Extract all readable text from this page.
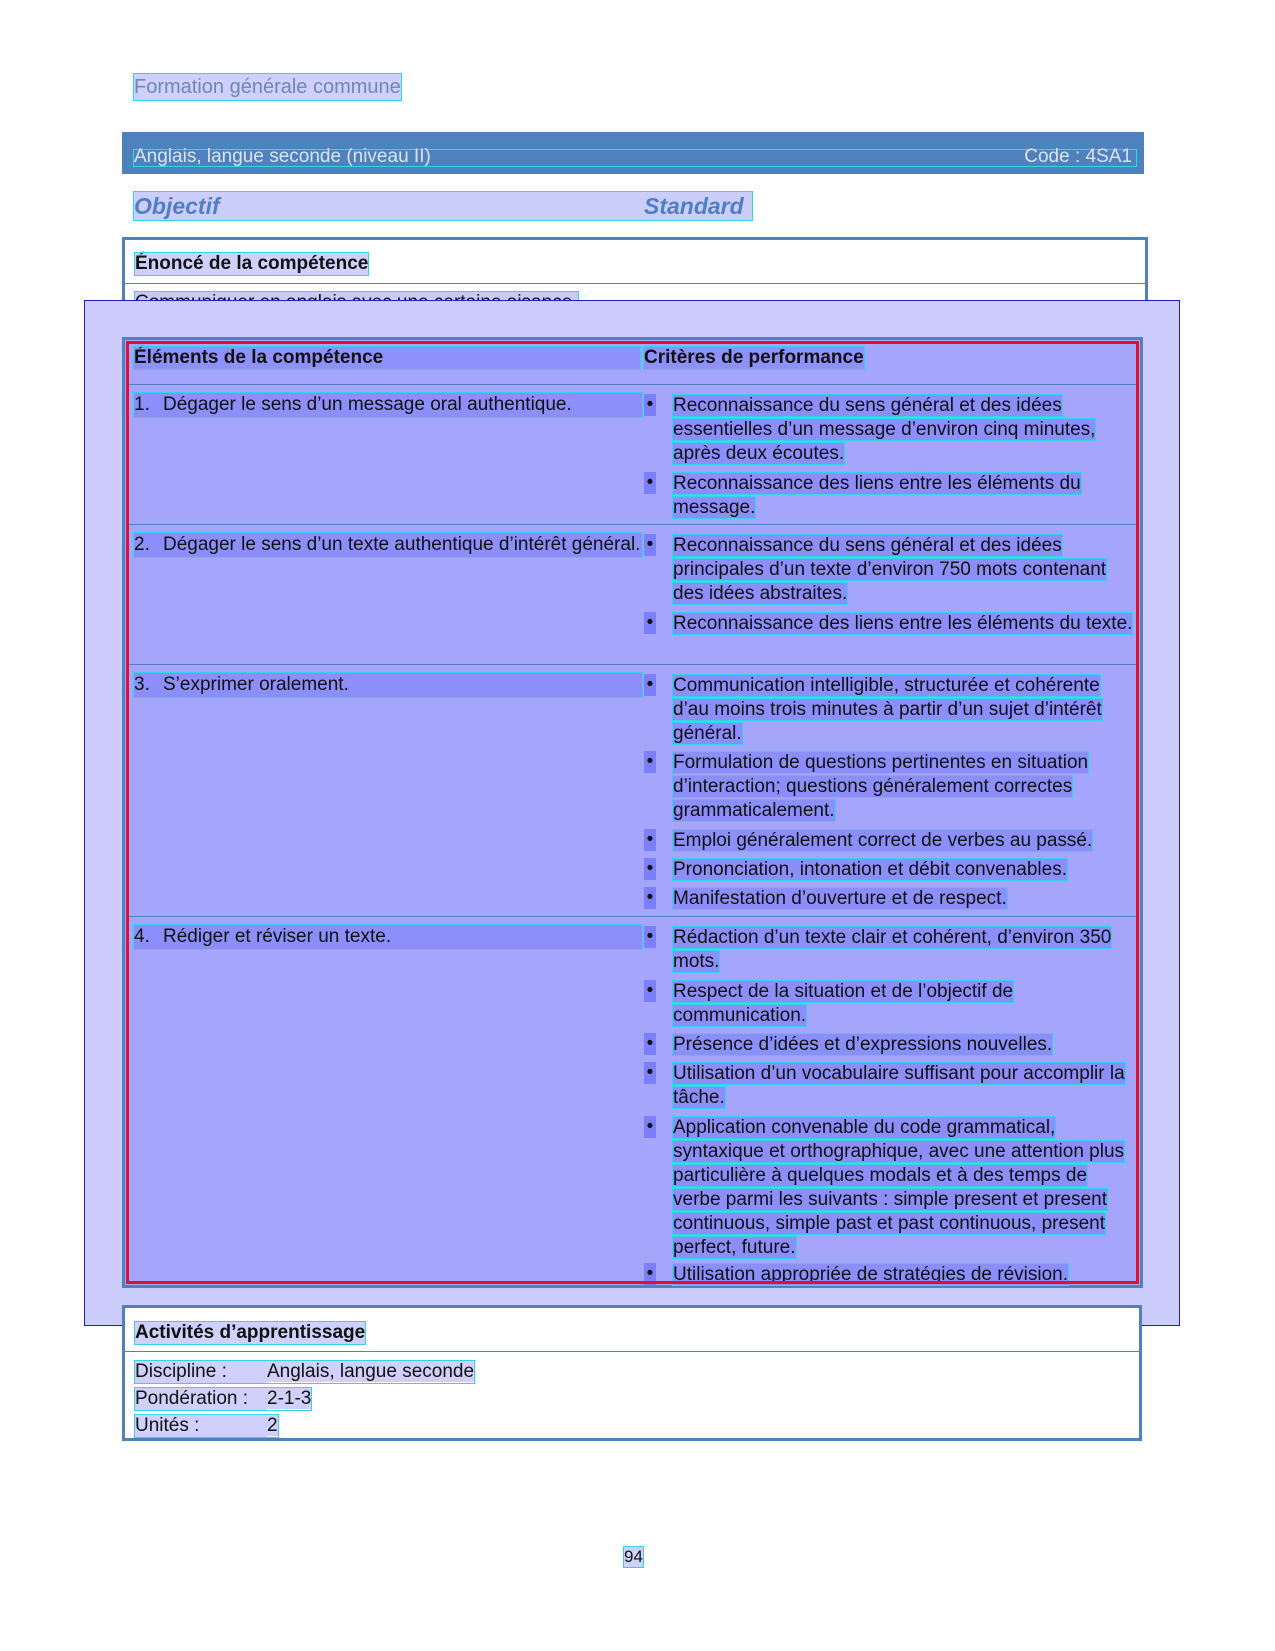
Formation générale commune
Anglais, langue seconde (niveau II)	Code : 4SA1
Objectif	Standard
Énoncé de la compétence
Éléments de la compétence	Critères de performance
1. Dégager le sens d’un message oral authentique.	•	Reconnaissance du sens général et des idées essentielles d’un message d’environ cinq minutes, après deux écoutes.
•	Reconnaissance des liens entre les éléments du message.
2. Dégager le sens d’un texte authentique d’intérêt général. •	Reconnaissance du sens général et des idées principales d’un texte d’environ 750 mots contenant des idées abstraites.
•	Reconnaissance des liens entre les éléments du texte.
3. S’exprimer oralement.	•	Communication intelligible, structurée et cohérente d’au moins trois minutes à partir d’un sujet d’intérêt général.
•	Formulation de questions pertinentes en situation d’interaction; questions généralement correctes grammaticalement.
•	Emploi généralement correct de verbes au passé.
•	Prononciation, intonation et débit convenables.
•	Manifestation d’ouverture et de respect.
4. Rédiger et réviser un texte.	•	Rédaction d’un texte clair et cohérent, d’environ 350 mots.
•	Respect de la situation et de l’objectif de communication.
•	Présence d’idées et d’expressions nouvelles.
•	Utilisation d’un vocabulaire suffisant pour accomplir la tâche.
•	Application convenable du code grammatical, syntaxique et orthographique, avec une attention plus particulière à quelques modals et à des temps de verbe parmi les suivants : simple present et present continuous, simple past et past continuous, present perfect, future.
•	Utilisation appropriée de stratégies de révision.
Activités d’apprentissage
Discipline : Anglais, langue seconde
Pondération : 2-1-3
Unités :	2
94
